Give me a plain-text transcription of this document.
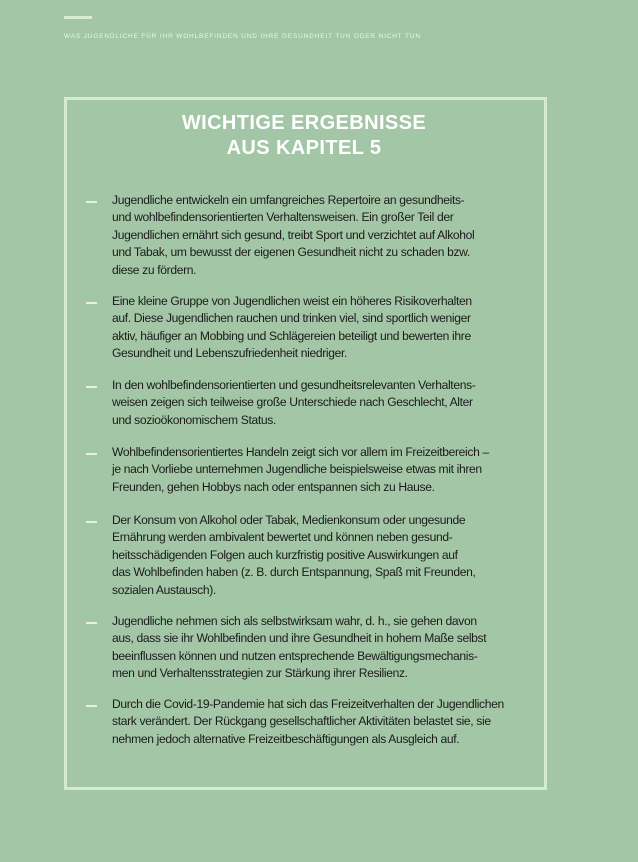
WAS JUGENDLICHE FÜR IHR WOHLBEFINDEN UND IHRE GESUNDHEIT TUN ODER NICHT TUN
WICHTIGE ERGEBNISSE
AUS KAPITEL 5
Jugendliche entwickeln ein umfangreiches Repertoire an gesundheits-
und wohlbefindensorientierten Verhaltensweisen. Ein großer Teil der
Jugendlichen ernährt sich gesund, treibt Sport und verzichtet auf Alkohol
und Tabak, um bewusst der eigenen Gesundheit nicht zu schaden bzw.
diese zu fördern.
Eine kleine Gruppe von Jugendlichen weist ein höheres Risikoverhalten
auf. Diese Jugendlichen rauchen und trinken viel, sind sportlich weniger
aktiv, häufiger an Mobbing und Schlägereien beteiligt und bewerten ihre
Gesundheit und Lebenszufriedenheit niedriger.
In den wohlbefindensorientierten und gesundheitsrelevanten Verhaltens-
weisen zeigen sich teilweise große Unterschiede nach Geschlecht, Alter
und sozioökonomischem Status.
Wohlbefindensorientiertes Handeln zeigt sich vor allem im Freizeitbereich –
je nach Vorliebe unternehmen Jugendliche beispielsweise etwas mit ihren
Freunden, gehen Hobbys nach oder entspannen sich zu Hause.
Der Konsum von Alkohol oder Tabak, Medienkonsum oder ungesunde
Ernährung werden ambivalent bewertet und können neben gesund-
heitsschädigenden Folgen auch kurzfristig positive Auswirkungen auf
das Wohlbefinden haben (z. B. durch Entspannung, Spaß mit Freunden,
sozialen Austausch).
Jugendliche nehmen sich als selbstwirksam wahr, d. h., sie gehen davon
aus, dass sie ihr Wohlbefinden und ihre Gesundheit in hohem Maße selbst
beeinflussen können und nutzen entsprechende Bewältigungsmechanis-
men und Verhaltensstrategien zur Stärkung ihrer Resilienz.
Durch die Covid-19-Pandemie hat sich das Freizeitverhalten der Jugendlichen
stark verändert. Der Rückgang gesellschaftlicher Aktivitäten belastet sie, sie
nehmen jedoch alternative Freizeitbeschäftigungen als Ausgleich auf.
